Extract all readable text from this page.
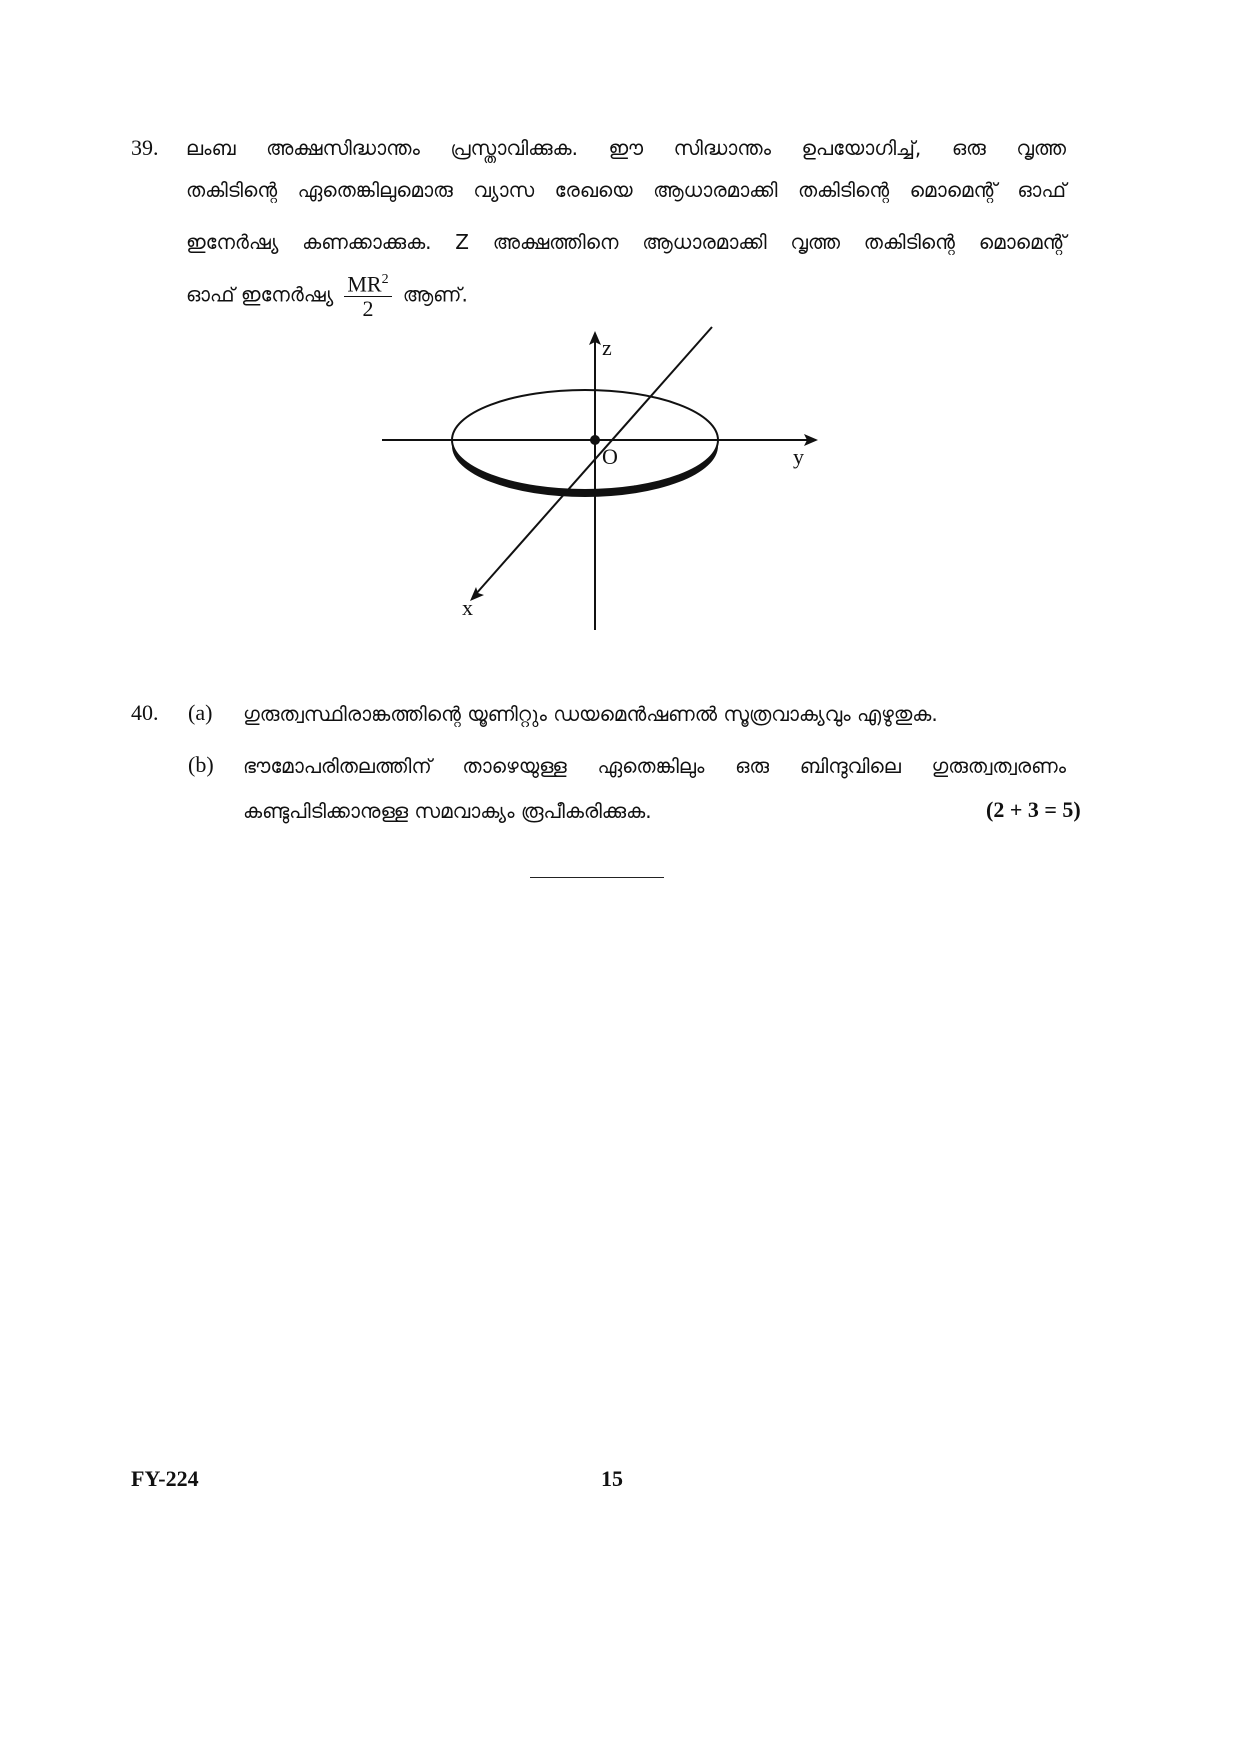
39. ലംബ അക്ഷസിദ്ധാന്തം പ്രസ്താവിക്കുക. ഈ സിദ്ധാന്തം ഉപയോഗിച്ച്, ഒരു വൃത്ത
തകിടിന്റെ ഏതെങ്കിലുമൊരു വ്യാസ രേഖയെ ആധാരമാക്കി തകിടിന്റെ മൊമെന്റ് ഓഫ്
ഇനേർഷ്യ കണക്കാക്കുക. Z അക്ഷത്തിനെ ആധാരമാക്കി വൃത്ത തകിടിന്റെ മൊമെന്റ്
ഓഫ് ഇനേർഷ്യ $\frac{MR^2}{2}$ ആണ്.
z
y
x
O
40. (a) ഗുരുത്വസ്ഥിരാങ്കത്തിന്റെ യൂണിറ്റും ഡയമെൻഷണൽ സൂത്രവാക്യവും എഴുതുക.
(b) ഭൗമോപരിതലത്തിന് താഴെയുള്ള ഏതെങ്കിലും ഒരു ബിന്ദുവിലെ ഗുരുത്വത്വരണം
കണ്ടുപിടിക്കാനുള്ള സമവാക്യം രൂപീകരിക്കുക.	(2 + 3 = 5)
FY-224	15
